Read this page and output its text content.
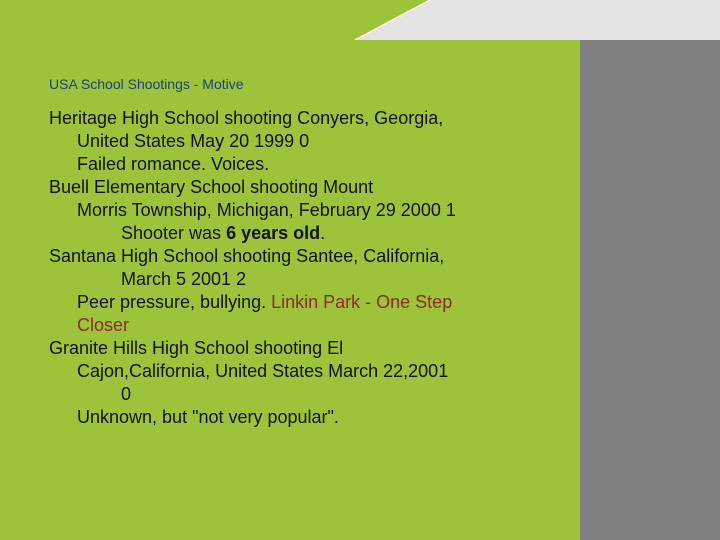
USA School Shootings - Motive
Heritage High School shooting Conyers, Georgia,
United States May 20 1999 0
Failed romance. Voices.
Buell Elementary School shooting Mount
Morris Township, Michigan, February 29 2000 1
Shooter was 6 years old.
Santana High School shooting Santee, California,
March 5 2001 2
Peer pressure, bullying. Linkin Park - One Step
Closer
Granite Hills High School shooting El
Cajon,California, United States March 22,2001
0
Unknown, but "not very popular".
